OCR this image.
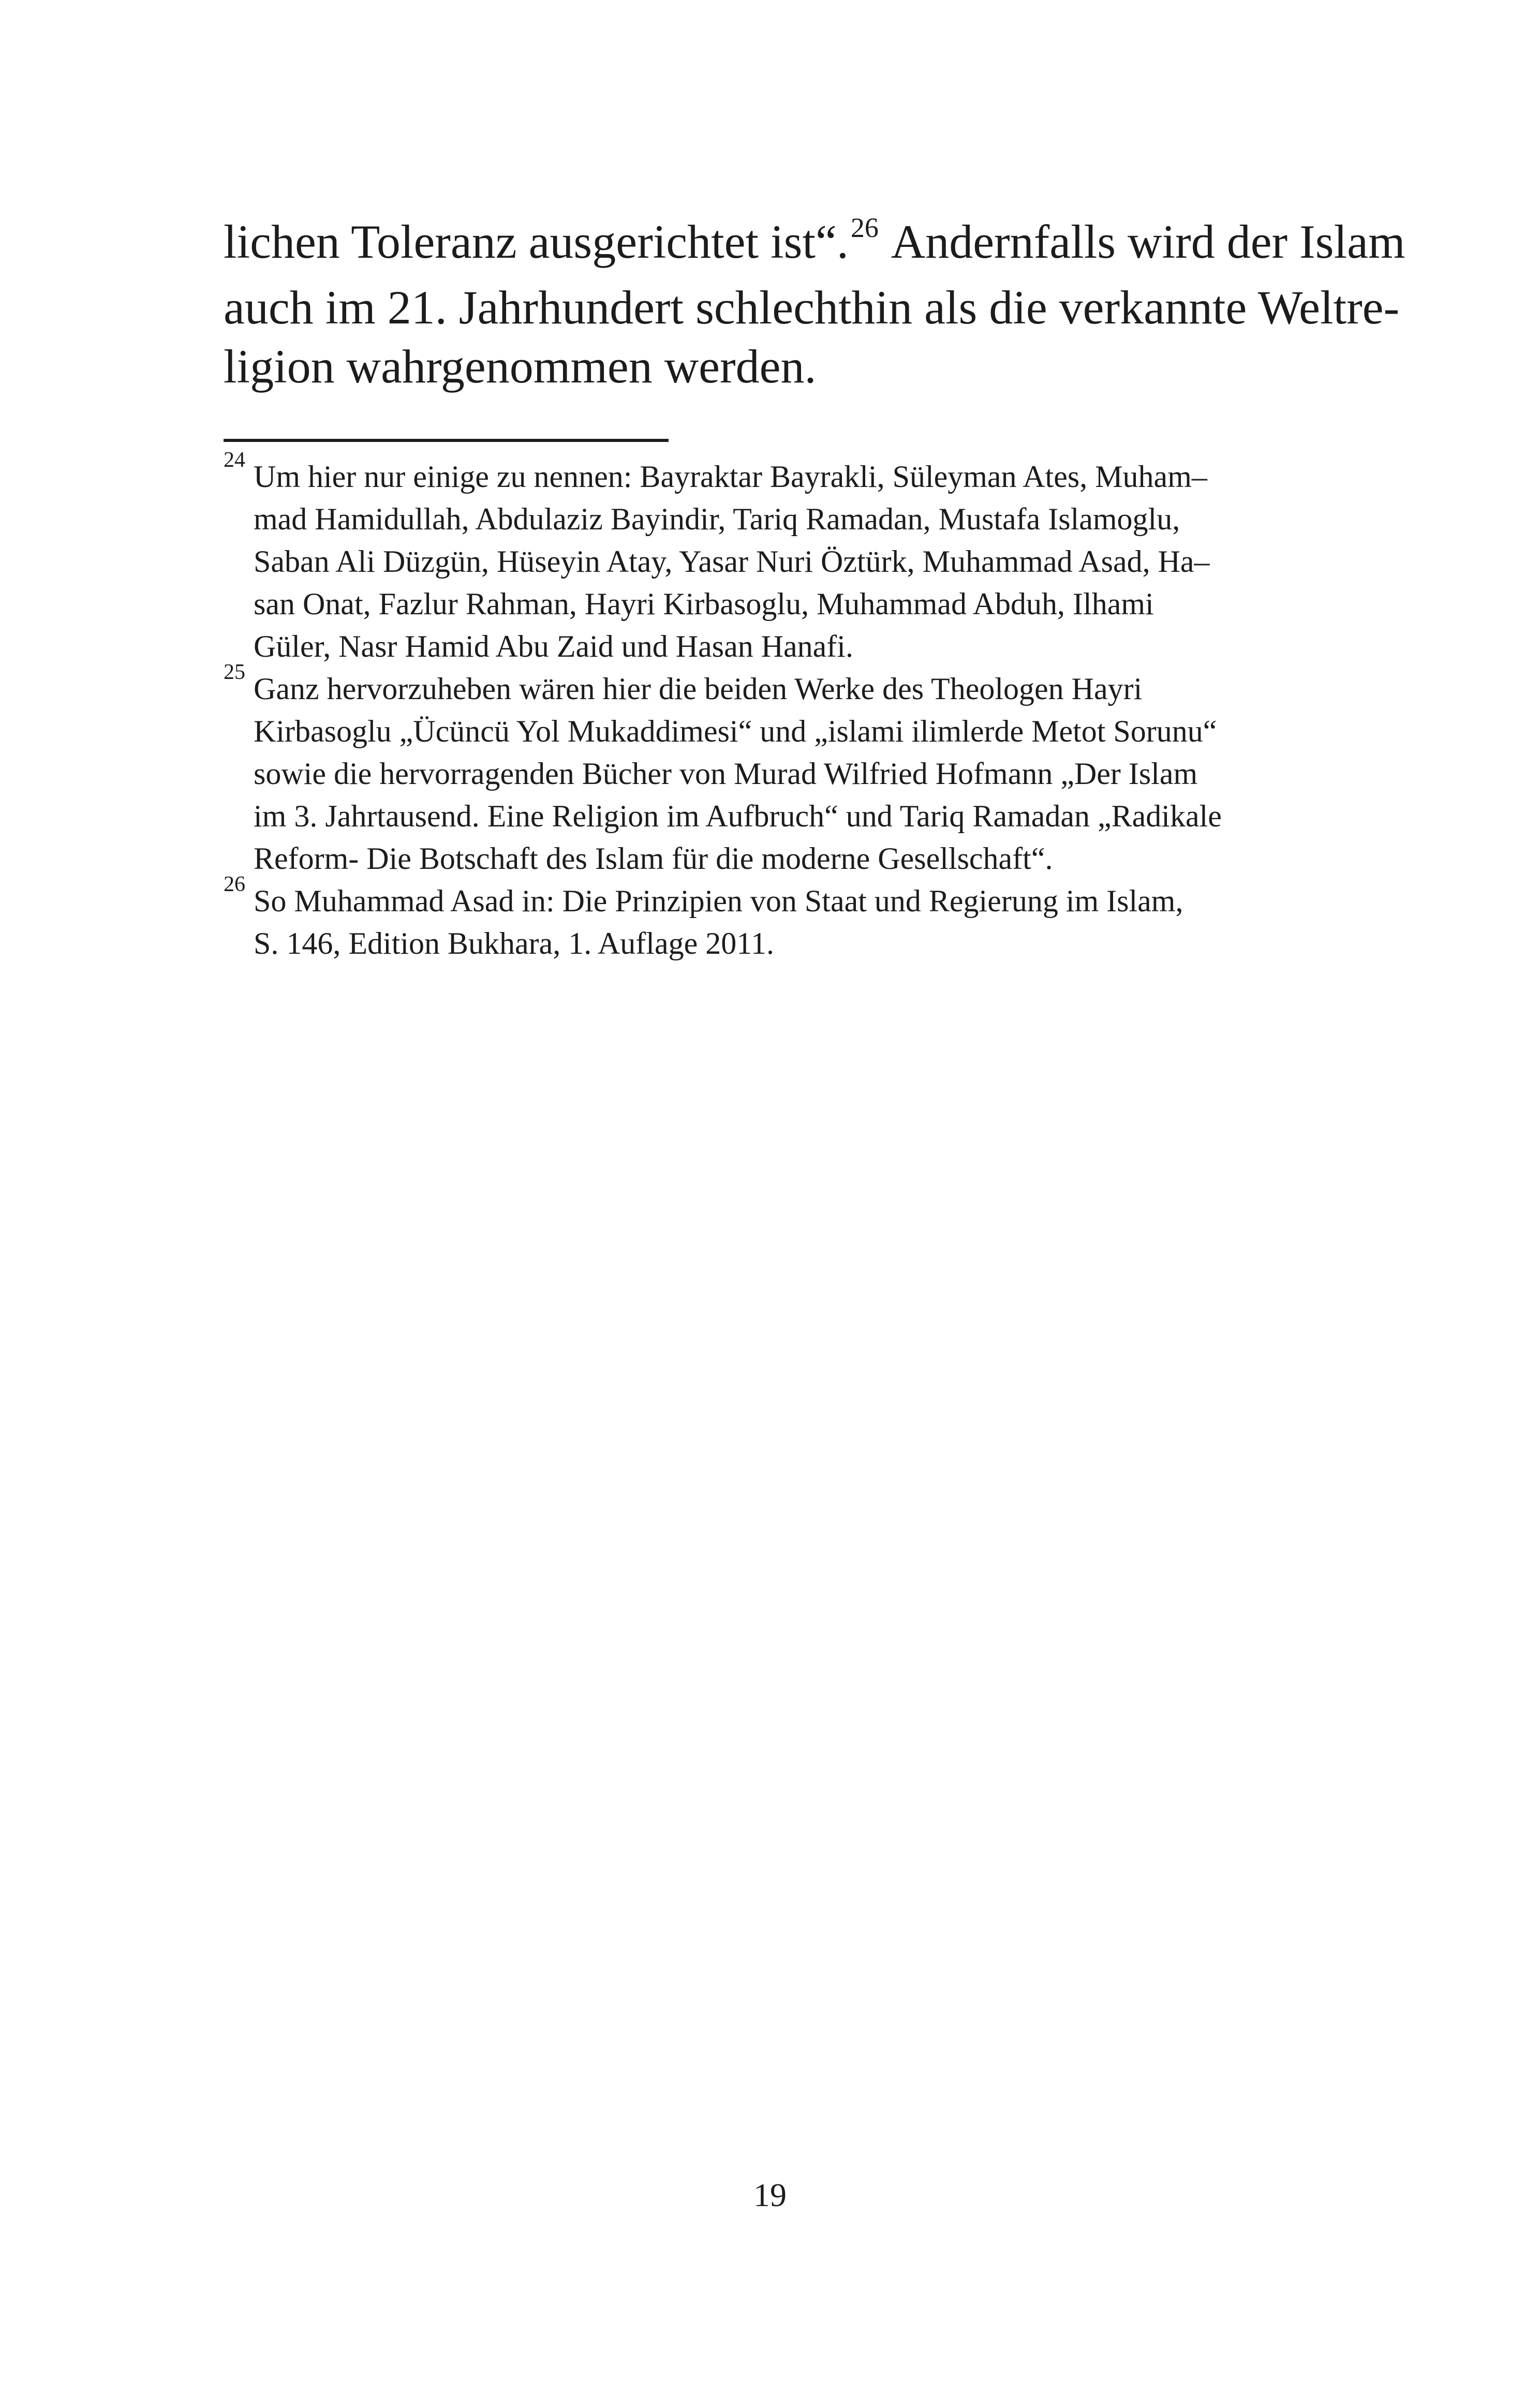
lichen Toleranz ausgerichtet ist“.$^{26}$ Andernfalls wird der Islam
auch im 21. Jahrhundert schlechthin als die verkannte Weltre-
ligion wahrgenommen werden.

24 Um hier nur einige zu nennen: Bayraktar Bayrakli, Süleyman Ates, Muham–
mad Hamidullah, Abdulaziz Bayindir, Tariq Ramadan, Mustafa Islamoglu,
Saban Ali Düzgün, Hüseyin Atay, Yasar Nuri Öztürk, Muhammad Asad, Ha–
san Onat, Fazlur Rahman, Hayri Kirbasoglu, Muhammad Abduh, Ilhami
Güler, Nasr Hamid Abu Zaid und Hasan Hanafi.
25 Ganz hervorzuheben wären hier die beiden Werke des Theologen Hayri
Kirbasoglu „Ücüncü Yol Mukaddimesi“ und „islami ilimlerde Metot Sorunu“
sowie die hervorragenden Bücher von Murad Wilfried Hofmann „Der Islam
im 3. Jahrtausend. Eine Religion im Aufbruch“ und Tariq Ramadan „Radikale
Reform- Die Botschaft des Islam für die moderne Gesellschaft“.
26 So Muhammad Asad in: Die Prinzipien von Staat und Regierung im Islam,
S. 146, Edition Bukhara, 1. Auflage 2011.
19
